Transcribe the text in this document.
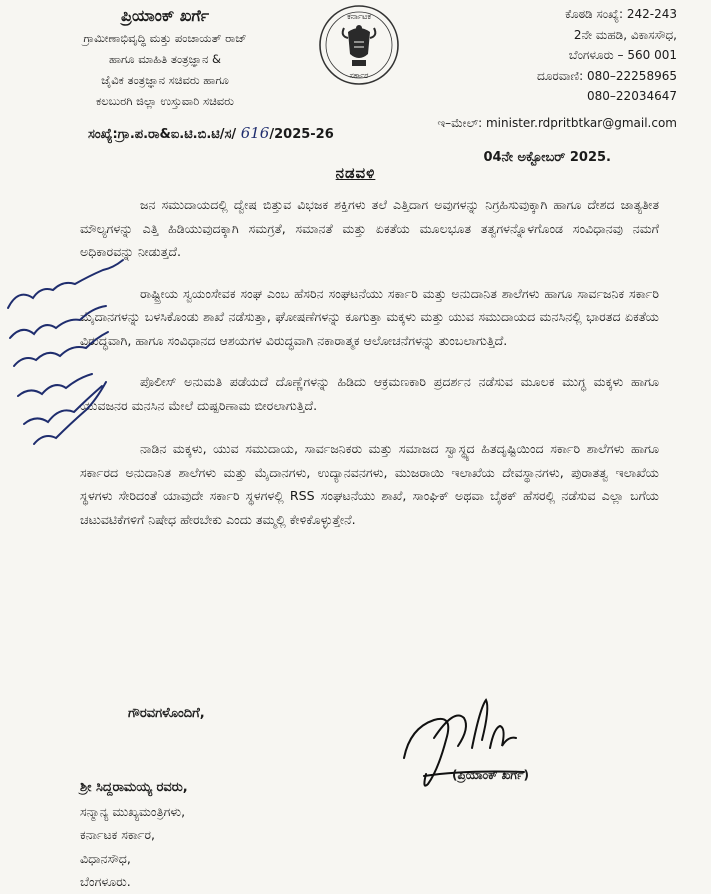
ಪ್ರಿಯಾಂಕ್ ಖರ್ಗೆ
ಗ್ರಾಮೀಣಾಭಿವೃದ್ಧಿ ಮತ್ತು ಪಂಚಾಯತ್ ರಾಜ್
ಹಾಗೂ ಮಾಹಿತಿ ತಂತ್ರಜ್ಞಾನ &
ಜೈವಿಕ ತಂತ್ರಜ್ಞಾನ ಸಚಿವರು ಹಾಗೂ
ಕಲಬುರಗಿ ಜಿಲ್ಲಾ ಉಸ್ತುವಾರಿ ಸಚಿವರು
ಸಂಖ್ಯೆ:ಗ್ರಾ.ಪ.ರಾ&ಐ.ಟಿ.ಬಿ.ಟಿ/ಸ/ 616/2025-26
ಕರ್ನಾಟಕ
ಸರ್ಕಾರ
ಕೊಠಡಿ ಸಂಖ್ಯೆ: 242-243
2ನೇ ಮಹಡಿ, ವಿಕಾಸಸೌಧ,
ಬೆಂಗಳೂರು – 560 001
ದೂರವಾಣಿ: 080–22258965
080–22034647
ಇ–ಮೇಲ್: minister.rdpritbtkar@gmail.com
04ನೇ ಅಕ್ಟೋಬರ್ 2025.
ನಡವಳಿ

ಜನ ಸಮುದಾಯದಲ್ಲಿ ದ್ವೇಷ ಬಿತ್ತುವ ವಿಭಜಕ ಶಕ್ತಿಗಳು ತಲೆ ಎತ್ತಿದಾಗ ಅವುಗಳನ್ನು ನಿಗ್ರಹಿಸುವುಕ್ಕಾಗಿ ಹಾಗೂ ದೇಶದ ಜಾತ್ಯತೀತ ಮೌಲ್ಯಗಳನ್ನು ಎತ್ತಿ ಹಿಡಿಯುವುದಕ್ಕಾಗಿ ಸಮಗ್ರತೆ, ಸಮಾನತೆ ಮತ್ತು ಏಕತೆಯ ಮೂಲಭೂತ ತತ್ವಗಳನ್ನೊಳಗೊಂಡ ಸಂವಿಧಾನವು ನಮಗೆ ಅಧಿಕಾರವನ್ನು ನೀಡುತ್ತದೆ.

ರಾಷ್ಟ್ರೀಯ ಸ್ವಯಂಸೇವಕ ಸಂಘ ಎಂಬ ಹೆಸರಿನ ಸಂಘಟನೆಯು ಸರ್ಕಾರಿ ಮತ್ತು ಅನುದಾನಿತ ಶಾಲೆಗಳು ಹಾಗೂ ಸಾರ್ವಜನಿಕ ಸರ್ಕಾರಿ ಮೈದಾನಗಳನ್ನು ಬಳಸಿಕೊಂಡು ಶಾಖೆ ನಡೆಸುತ್ತಾ, ಘೋಷಣೆಗಳನ್ನು ಕೂಗುತ್ತಾ ಮಕ್ಕಳು ಮತ್ತು ಯುವ ಸಮುದಾಯದ ಮನಸಿನಲ್ಲಿ ಭಾರತದ ಏಕತೆಯ ವಿರುದ್ಧವಾಗಿ, ಹಾಗೂ ಸಂವಿಧಾನದ ಆಶಯಗಳ ವಿರುದ್ಧವಾಗಿ ನಕಾರಾತ್ಮಕ ಆಲೋಚನೆಗಳನ್ನು ತುಂಬಲಾಗುತ್ತಿದೆ.

ಪೊಲೀಸ್ ಅನುಮತಿ ಪಡೆಯದೆ ದೊಣ್ಣೆಗಳನ್ನು ಹಿಡಿದು ಆಕ್ರಮಣಕಾರಿ ಪ್ರದರ್ಶನ ನಡೆಸುವ ಮೂಲಕ ಮುಗ್ಧ ಮಕ್ಕಳು ಹಾಗೂ ಯುವಜನರ ಮನಸಿನ ಮೇಲೆ ದುಷ್ಪರಿಣಾಮ ಬೀರಲಾಗುತ್ತಿದೆ.

ನಾಡಿನ ಮಕ್ಕಳು, ಯುವ ಸಮುದಾಯ, ಸಾರ್ವಜನಿಕರು ಮತ್ತು ಸಮಾಜದ ಸ್ವಾಸ್ಥ್ಯದ ಹಿತದೃಷ್ಟಿಯಿಂದ ಸರ್ಕಾರಿ ಶಾಲೆಗಳು ಹಾಗೂ ಸರ್ಕಾರದ ಅನುದಾನಿತ ಶಾಲೆಗಳು ಮತ್ತು ಮೈದಾನಗಳು, ಉದ್ಯಾನವನಗಳು, ಮುಜರಾಯಿ ಇಲಾಖೆಯ ದೇವಸ್ಥಾನಗಳು, ಪುರಾತತ್ವ ಇಲಾಖೆಯ ಸ್ಥಳಗಳು ಸೇರಿದಂತೆ ಯಾವುದೇ ಸರ್ಕಾರಿ ಸ್ಥಳಗಳಲ್ಲಿ RSS ಸಂಘಟನೆಯು ಶಾಖೆ, ಸಾಂಘಿಕ್ ಅಥವಾ ಬೈಠಕ್ ಹೆಸರಲ್ಲಿ ನಡೆಸುವ ಎಲ್ಲಾ ಬಗೆಯ ಚಟುವಟಿಕೆಗಳಿಗೆ ನಿಷೇಧ ಹೇರಬೇಕು ಎಂದು ತಮ್ಮಲ್ಲಿ ಕೇಳಿಕೊಳ್ಳುತ್ತೇನೆ.

ಗೌರವಗಳೊಂದಿಗೆ,
(ಪ್ರಿಯಾಂಕ್ ಖರ್ಗೆ)
ಶ್ರೀ ಸಿದ್ದರಾಮಯ್ಯ ರವರು,
ಸನ್ಮಾನ್ಯ ಮುಖ್ಯಮಂತ್ರಿಗಳು,
ಕರ್ನಾಟಕ ಸರ್ಕಾರ,
ವಿಧಾನಸೌಧ,
ಬೆಂಗಳೂರು.
